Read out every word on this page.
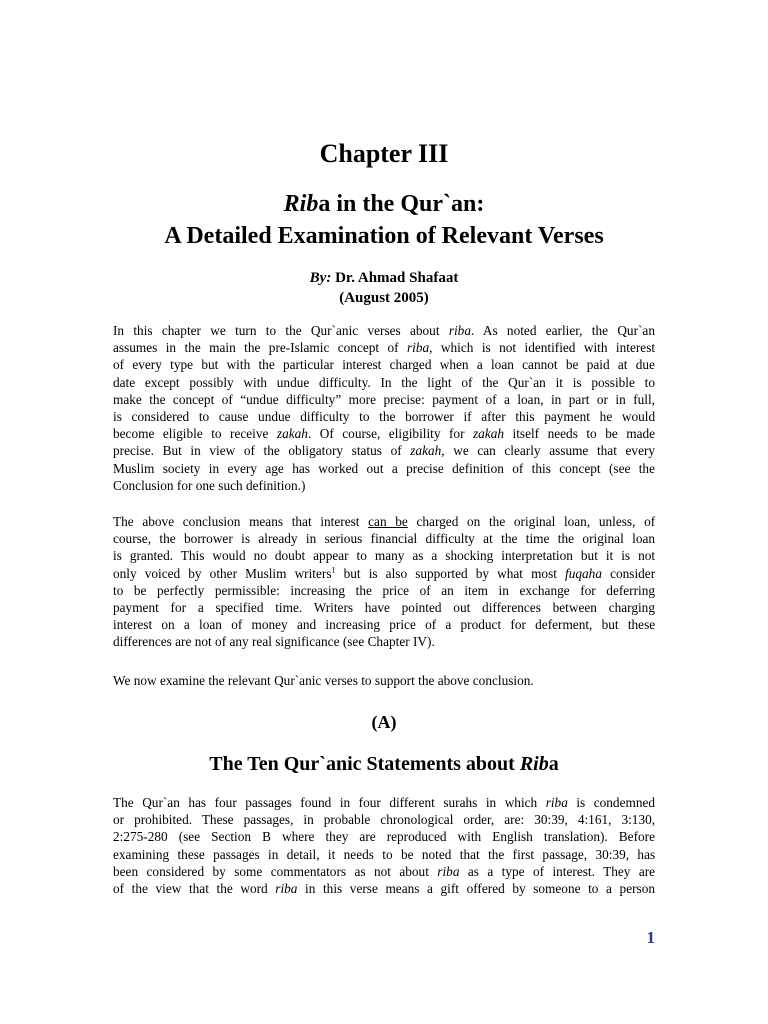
Chapter III
Riba in the Qur`an:
A Detailed Examination of Relevant Verses
By: Dr. Ahmad Shafaat
(August 2005)
In this chapter we turn to the Qur`anic verses about riba. As noted earlier, the Qur`an
assumes in the main the pre-Islamic concept of riba, which is not identified with interest
of every type but with the particular interest charged when a loan cannot be paid at due
date except possibly with undue difficulty. In the light of the Qur`an it is possible to
make the concept of “undue difficulty” more precise: payment of a loan, in part or in full,
is considered to cause undue difficulty to the borrower if after this payment he would
become eligible to receive zakah. Of course, eligibility for zakah itself needs to be made
precise. But in view of the obligatory status of zakah, we can clearly assume that every
Muslim society in every age has worked out a precise definition of this concept (see the
Conclusion for one such definition.)
The above conclusion means that interest can be charged on the original loan, unless, of
course, the borrower is already in serious financial difficulty at the time the original loan
is granted. This would no doubt appear to many as a shocking interpretation but it is not
only voiced by other Muslim writers$^1$ but is also supported by what most fuqaha consider
to be perfectly permissible: increasing the price of an item in exchange for deferring
payment for a specified time. Writers have pointed out differences between charging
interest on a loan of money and increasing price of a product for deferment, but these
differences are not of any real significance (see Chapter IV).
We now examine the relevant Qur`anic verses to support the above conclusion.
(A)
The Ten Qur`anic Statements about Riba
The Qur`an has four passages found in four different surahs in which riba is condemned
or prohibited. These passages, in probable chronological order, are: 30:39, 4:161, 3:130,
2:275-280 (see Section B where they are reproduced with English translation). Before
examining these passages in detail, it needs to be noted that the first passage, 30:39, has
been considered by some commentators as not about riba as a type of interest. They are
of the view that the word riba in this verse means a gift offered by someone to a person
1
